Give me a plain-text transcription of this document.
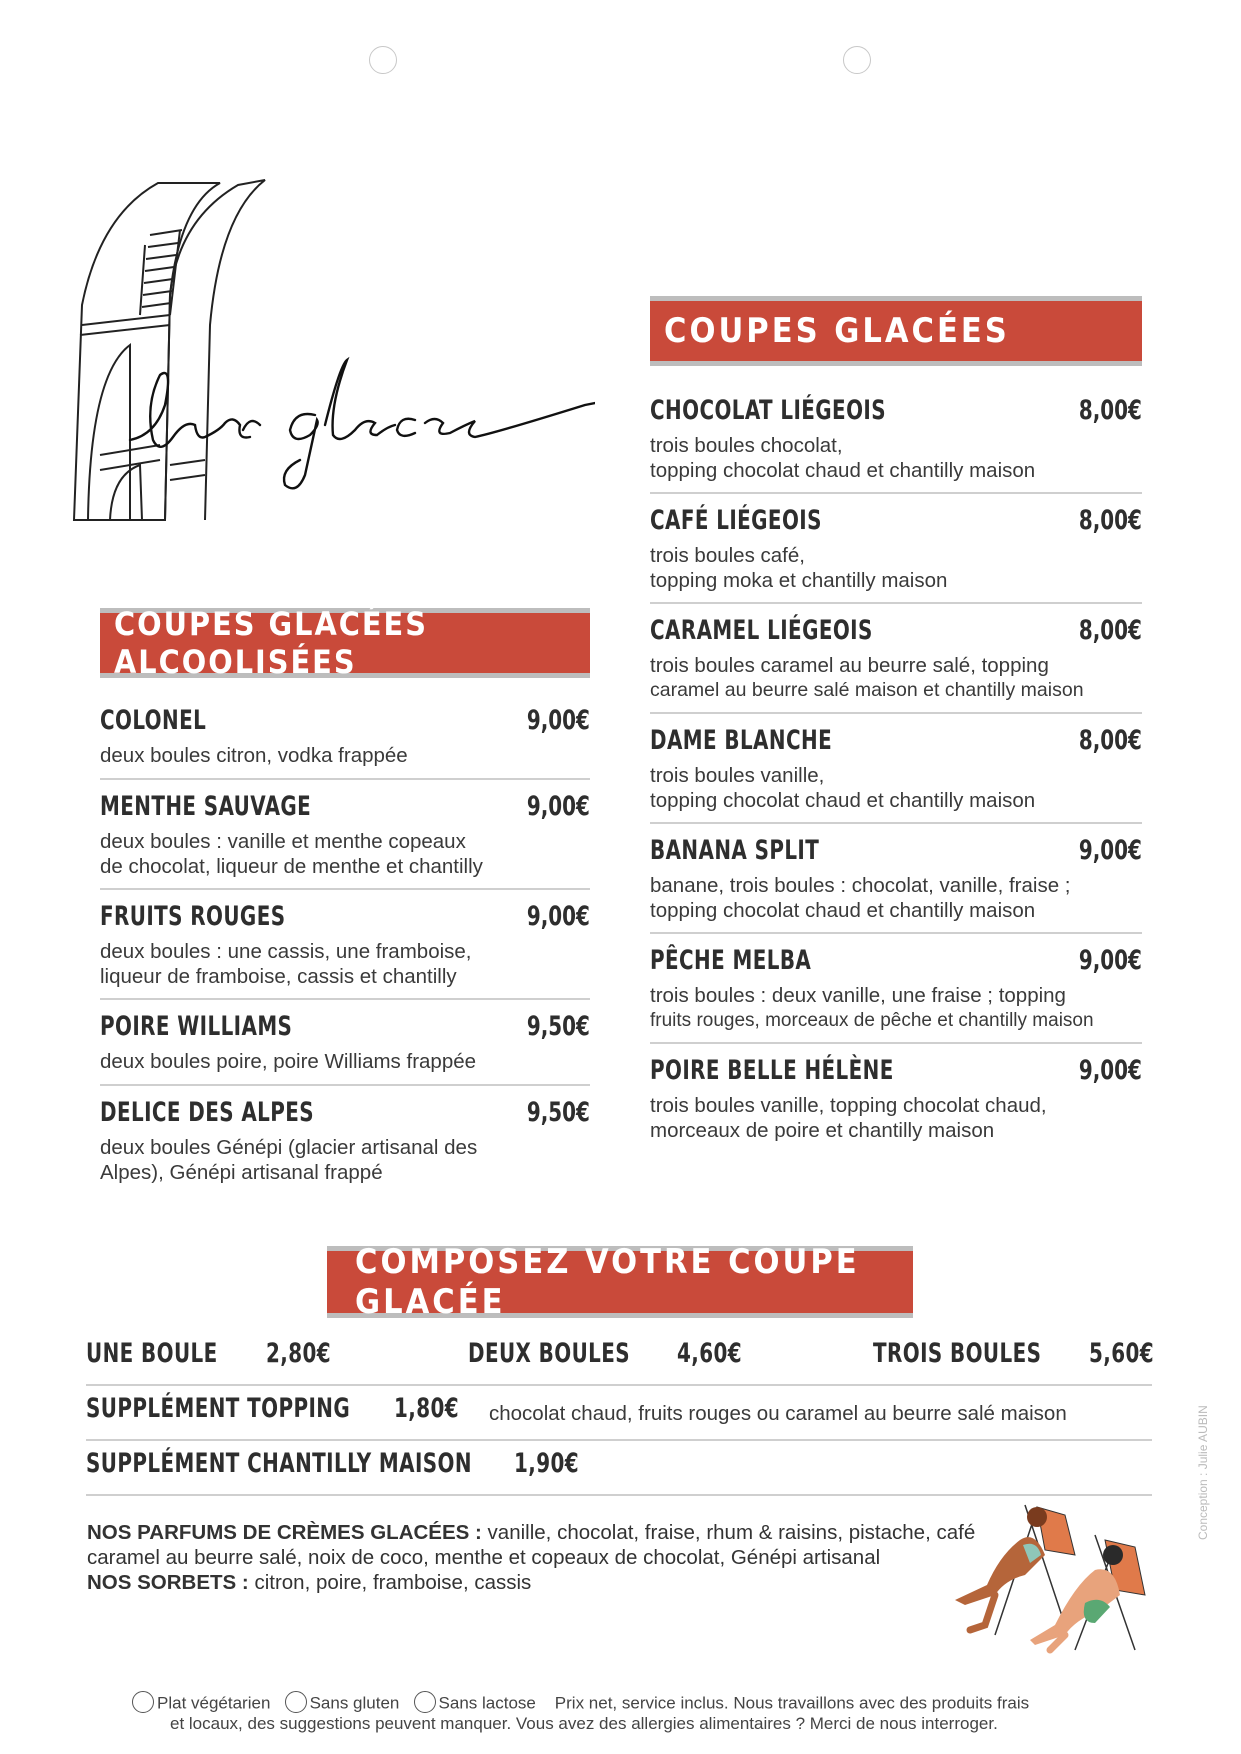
les glaces	COUPES GLACÉES
CHOCOLAT LIÉGEOIS	8,00€
trois boules chocolat,
topping chocolat chaud et chantilly maison
CAFÉ LIÉGEOIS	8,00€
trois boules café,
topping moka et chantilly maison
CARAMEL LIÉGEOIS	8,00€
trois boules caramel au beurre salé, topping
caramel au beurre salé maison et chantilly maison
DAME BLANCHE	8,00€
trois boules vanille,
topping chocolat chaud et chantilly maison
BANANA SPLIT	9,00€
banane, trois boules : chocolat, vanille, fraise ;
topping chocolat chaud et chantilly maison
PÊCHE MELBA	9,00€
trois boules : deux vanille, une fraise ; topping
fruits rouges, morceaux de pêche et chantilly maison
POIRE BELLE HÉLÈNE	9,00€
trois boules vanille, topping chocolat chaud,
morceaux de poire et chantilly maison
COUPES GLACÉES ALCOOLISÉES
COLONEL	9,00€
deux boules citron, vodka frappée
MENTHE SAUVAGE	9,00€
deux boules : vanille et menthe copeaux
de chocolat, liqueur de menthe et chantilly
FRUITS ROUGES	9,00€
deux boules : une cassis, une framboise,
liqueur de framboise, cassis et chantilly
POIRE WILLIAMS	9,50€
deux boules poire, poire Williams frappée
DELICE DES ALPES	9,50€
deux boules Génépi (glacier artisanal des
Alpes), Génépi artisanal frappé
COMPOSEZ VOTRE COUPE GLACÉE
UNE BOULE 2,80€	DEUX BOULES 4,60€	TROIS BOULES 5,60€
SUPPLÉMENT TOPPING 1,80€ chocolat chaud, fruits rouges ou caramel au beurre salé maison
SUPPLÉMENT CHANTILLY MAISON 1,90€
NOS PARFUMS DE CRÈMES GLACÉES : vanille, chocolat, fraise, rhum & raisins, pistache, café
caramel au beurre salé, noix de coco, menthe et copeaux de chocolat, Génépi artisanal
NOS SORBETS : citron, poire, framboise, cassis
Conception : Julie AUBIN
Plat végétarien Sans gluten Sans lactose Prix net, service inclus. Nous travaillons avec des produits frais
et locaux, des suggestions peuvent manquer. Vous avez des allergies alimentaires ? Merci de nous interroger.
